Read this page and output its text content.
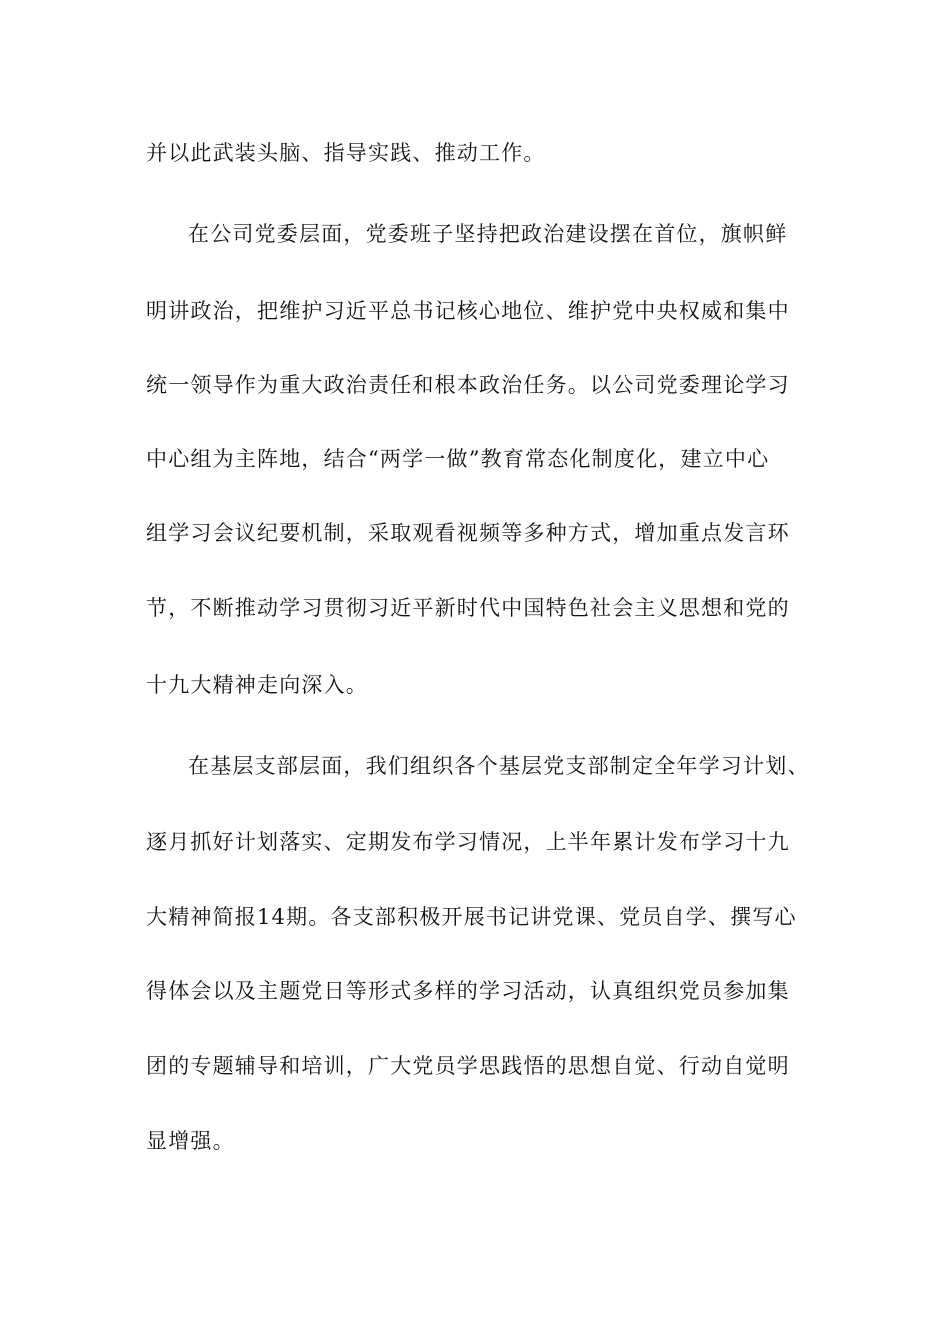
并以此武装头脑、指导实践、推动工作。
在公司党委层面，党委班子坚持把政治建设摆在首位，旗帜鲜
明讲政治，把维护习近平总书记核心地位、维护党中央权威和集中
统一领导作为重大政治责任和根本政治任务。以公司党委理论学习
中心组为主阵地，结合“两学一做”教育常态化制度化，建立中心
组学习会议纪要机制，采取观看视频等多种方式，增加重点发言环
节，不断推动学习贯彻习近平新时代中国特色社会主义思想和党的
十九大精神走向深入。
在基层支部层面，我们组织各个基层党支部制定全年学习计划、
逐月抓好计划落实、定期发布学习情况，上半年累计发布学习十九
大精神简报14期。各支部积极开展书记讲党课、党员自学、撰写心
得体会以及主题党日等形式多样的学习活动，认真组织党员参加集
团的专题辅导和培训，广大党员学思践悟的思想自觉、行动自觉明
显增强。
